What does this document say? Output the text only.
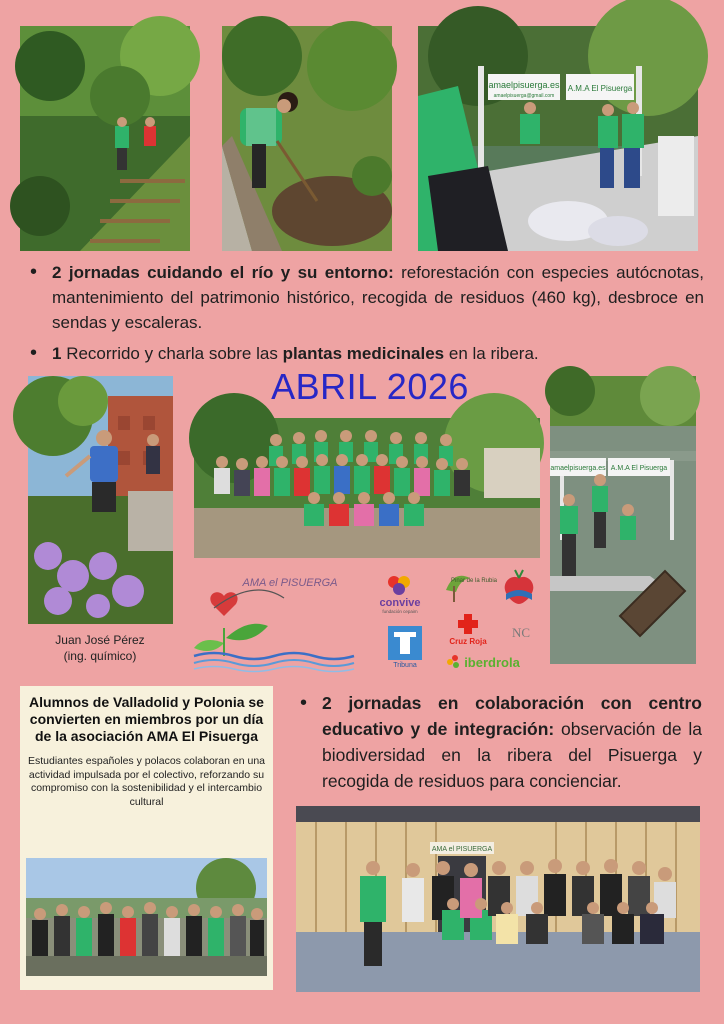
amaelpisuerga.es
amaelpisuerga@gmail.com
A.M.A El Pisuerga
• 2 jornadas cuidando el río y su entorno: reforestación con especies autócnotas, mantenimiento del patrimonio histórico, recogida de residuos (460 kg), desbroce en sendas y escaleras.
• 1 Recorrido y charla sobre las plantas medicinales en la ribera.
Juan José Pérez
(ing. químico)
ABRIL 2026
amaelpisuerga.es A.M.A El Pisuerga
AMA el PISUERGA
convive
fundación cepaim
Pinar de la Rubia
Tribuna
Cruz Roja
NC
iberdrola
Alumnos de Valladolid y Polonia se convierten en miembros por un día de la asociación AMA El Pisuerga

Estudiantes españoles y polacos colaboran en una actividad impulsada por el colectivo, reforzando su compromiso con la sostenibilidad y el intercambio cultural

• 2 jornadas en colaboración con centro educativo y de integración: observación de la biodiversidad en la ribera del Pisuerga y recogida de residuos para concienciar.
AMA el PISUERGA
